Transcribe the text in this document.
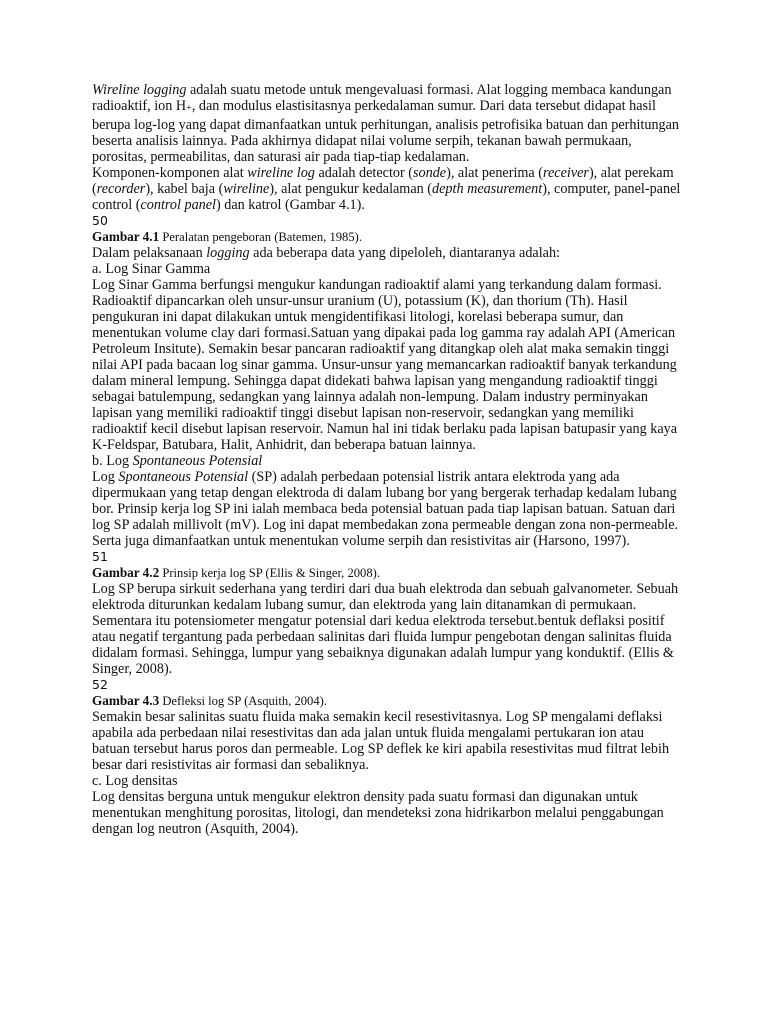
Wireline logging adalah suatu metode untuk mengevaluasi formasi. Alat logging membaca kandungan radioaktif, ion H+, dan modulus elastisitasnya perkedalaman sumur. Dari data tersebut didapat hasil berupa log-log yang dapat dimanfaatkan untuk perhitungan, analisis petrofisika batuan dan perhitungan beserta analisis lainnya. Pada akhirnya didapat nilai volume serpih, tekanan bawah permukaan, porositas, permeabilitas, dan saturasi air pada tiap-tiap kedalaman.

Komponen-komponen alat wireline log adalah detector (sonde), alat penerima (receiver), alat perekam (recorder), kabel baja (wireline), alat pengukur kedalaman (depth measurement), computer, panel-panel control (control panel) dan katrol (Gambar 4.1).

50

Gambar 4.1 Peralatan pengeboran (Batemen, 1985).

Dalam pelaksanaan logging ada beberapa data yang dipeloleh, diantaranya adalah:

a. Log Sinar Gamma

Log Sinar Gamma berfungsi mengukur kandungan radioaktif alami yang terkandung dalam formasi. Radioaktif dipancarkan oleh unsur-unsur uranium (U), potassium (K), dan thorium (Th). Hasil pengukuran ini dapat dilakukan untuk mengidentifikasi litologi, korelasi beberapa sumur, dan menentukan volume clay dari formasi.Satuan yang dipakai pada log gamma ray adalah API (American Petroleum Insitute). Semakin besar pancaran radioaktif yang ditangkap oleh alat maka semakin tinggi nilai API pada bacaan log sinar gamma. Unsur-unsur yang memancarkan radioaktif banyak terkandung dalam mineral lempung. Sehingga dapat didekati bahwa lapisan yang mengandung radioaktif tinggi sebagai batulempung, sedangkan yang lainnya adalah non-lempung. Dalam industry perminyakan lapisan yang memiliki radioaktif tinggi disebut lapisan non-reservoir, sedangkan yang memiliki radioaktif kecil disebut lapisan reservoir. Namun hal ini tidak berlaku pada lapisan batupasir yang kaya K-Feldspar, Batubara, Halit, Anhidrit, dan beberapa batuan lainnya.

b. Log Spontaneous Potensial

Log Spontaneous Potensial (SP) adalah perbedaan potensial listrik antara elektroda yang ada dipermukaan yang tetap dengan elektroda di dalam lubang bor yang bergerak terhadap kedalam lubang bor. Prinsip kerja log SP ini ialah membaca beda potensial batuan pada tiap lapisan batuan. Satuan dari log SP adalah millivolt (mV). Log ini dapat membedakan zona permeable dengan zona non-permeable. Serta juga dimanfaatkan untuk menentukan volume serpih dan resistivitas air (Harsono, 1997).

51

Gambar 4.2 Prinsip kerja log SP (Ellis & Singer, 2008).

Log SP berupa sirkuit sederhana yang terdiri dari dua buah elektroda dan sebuah galvanometer. Sebuah elektroda diturunkan kedalam lubang sumur, dan elektroda yang lain ditanamkan di permukaan. Sementara itu potensiometer mengatur potensial dari kedua elektroda tersebut.bentuk deflaksi positif atau negatif tergantung pada perbedaan salinitas dari fluida lumpur pengebotan dengan salinitas fluida didalam formasi. Sehingga, lumpur yang sebaiknya digunakan adalah lumpur yang konduktif. (Ellis & Singer, 2008).

52

Gambar 4.3 Defleksi log SP (Asquith, 2004).

Semakin besar salinitas suatu fluida maka semakin kecil resestivitasnya. Log SP mengalami deflaksi apabila ada perbedaan nilai resestivitas dan ada jalan untuk fluida mengalami pertukaran ion atau batuan tersebut harus poros dan permeable. Log SP deflek ke kiri apabila resestivitas mud filtrat lebih besar dari resistivitas air formasi dan sebaliknya.

c. Log densitas

Log densitas berguna untuk mengukur elektron density pada suatu formasi dan digunakan untuk menentukan menghitung porositas, litologi, dan mendeteksi zona hidrikarbon melalui penggabungan dengan log neutron (Asquith, 2004).
